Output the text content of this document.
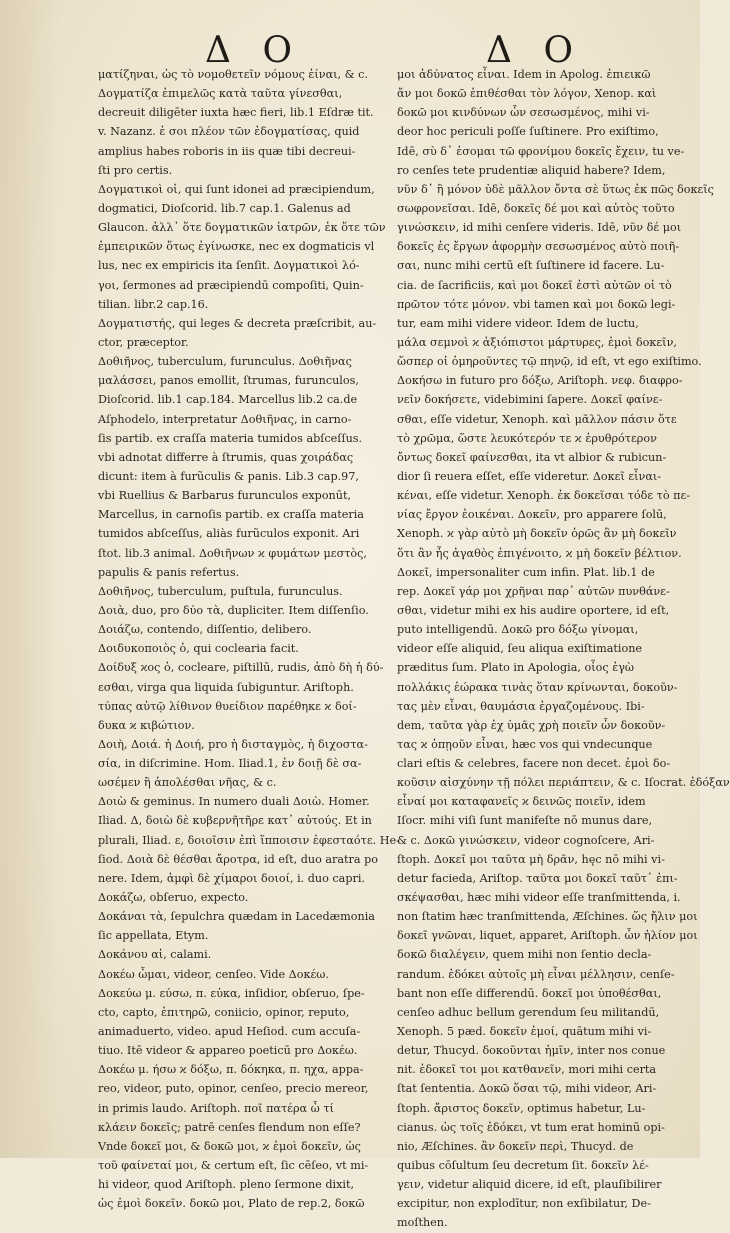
Δ Ο	Δ Ο
ματίζηναι, ὡς τὸ νομοθετεῖν νόμους ἐίναι, & c.
Δογματίζα ἐπιμελῶς κατὰ ταῦτα γίνεσθαι,
decreuit diligēter iuxta hæc fieri, lib.1 Eſdræ tit.
v. Nazanz. ἐ σοι πλέον τῶν ἐδογματίσας, quid
amplius habes roboris in iis quæ tibi decreui-
ſti pro certis.
Δογματικοὶ οἱ, qui ſunt idonei ad præcipiendum,
dogmatici, Dioſcorid. lib.7 cap.1. Galenus ad
Glaucon. ἀλλ᾽ ὅτε δογματικῶν ἰατρῶν, ἐκ ὅτε τῶν
ἐμπειρικῶν ὅτως ἐγίνωσκε, nec ex dogmaticis vl
lus, nec ex empiricis ita ſenſit. Δογματικοὶ λό-
γοι, ſermones ad præcipiendū compoſiti, Quin-
tilian. libr.2 cap.16.
Δογματιστής, qui leges & decreta præſcribit, au-
ctor, præceptor.
Δοθιῆνος, tuberculum, furunculus. Δοθιῆνας
μαλάσσει, panos emollit, ſtrumas, furunculos,
Dioſcorid. lib.1 cap.184. Marcellus lib.2 ca.de
Aſphodelo, interpretatur Δοθιῆνας, in carno-
ſis partib. ex craſſa materia tumidos abſceſſus.
vbi adnotat differre à ſtrumis, quas χοιράδας
dicunt: item à furũculis & panis. Lib.3 cap.97,
vbi Ruellius & Barbarus furunculos exponūt,
Marcellus, in carnoſis partib. ex craſſa materia
tumidos abſceſſus, aliàs furũculos exponit. Ari
ſtot. lib.3 animal. Δοθιῆνων ϰ φυμάτων μεστὸς,
papulis & panis refertus.
Δοθιῆνος, tuberculum, puſtula, furunculus.
Δοιὰ, duo, pro δύο τὰ, dupliciter. Item diſſenſio.
Δοιάζω, contendo, diſſentio, delibero.
Δοιδυκοποιὸς ὁ, qui coclearia facit.
Δοίδυξ ϰος ὁ, cocleare, piſtillū, rudis, ἀπὸ δὴ ἡ δύ-
εσθαι, virga qua liquida ſubiguntur. Ariſtoph.
τύπας αὐτῷ λίθινον θυείδιον παρέθηκε ϰ δοί-
δυκα ϰ κιβώτιον.
Δοιὴ, Δοιά. ἡ Δοιή, pro ἡ δισταγμὸς, ἡ διχοστα-
σία, in diſcrimine. Hom. Iliad.1, ἐν δοιῇ δὲ σα-
ωσέμεν ἢ ἀπολέσθαι νῆας, & c.
Δοιὼ & geminus. In numero duali Δοιὼ. Homer.
Iliad. Δ, δοιὼ δὲ κυβερνῆτῆρε κατ᾽ αὐτούς. Et in
plurali, Iliad. ε, δοιοῖσιν ἐπὶ ἵπποισιν ἐφεσταότε. He-
ſiod. Δοιὰ δὲ θέσθαι ἄροτρα, id eſt, duo aratra po
nere. Idem, ἀμφὶ δὲ χίμαροι δοιοί, i. duo capri.
Δοκάζω, obſeruo, expecto.
Δοκάναι τὰ, ſepulchra quædam in Lacedæmonia
ſic appellata, Etym.
Δοκάνου αἱ, calami.
Δοκέω ὦμαι, videor, cenſeo. Vide Δοκέω.
Δοκεύω μ. εύσω, π. εὐκα, inſidior, obſeruo, ſpe-
cto, capto, ἐπιτηρῶ, coniicio, opinor, reputo,
animaduerto, video. apud Heſiod. cum accuſa-
tiuo. Itē videor & appareo poeticū pro Δοκέω.
Δοκέω μ. ήσω ϰ δόξω, π. δόκηκα, π. ηχα, appa-
reo, videor, puto, opinor, cenſeo, precio mereor,
in primis laudo. Ariſtoph. ποῖ πατέρα ὧ τί
κλάειν δοκεῖς; patrē cenſes flendum non eſſe?
Vnde δοκεῖ μοι, & δοκῶ μοι, ϰ ἐμοὶ δοκεῖν, ὡς
τοῦ φαίνεταί μοι, & certum eſt, ſic cēſeo, vt mi-
hi videor, quod Ariſtoph. pleno ſermone dixit,
ὡς ἐμοὶ δοκεῖν. δοκῶ μοι, Plato de rep.2, δοκῶ
μοι ἀδύνατος εἶναι. Idem in Apolog. ἐπιεικῶ
ἄν μοι δοκῶ ἐπιθέσθαι τὸν λόγον, Xenop. καὶ
δοκῶ μοι κινδύνων ὧν σεσωσμένος, mihi vi-
deor hoc periculi poſſe ſuſtinere. Pro exiſtimo,
Idē, σὺ δ᾽ ἐσομαι τῶ φρονίμου δοκεῖς ἔχειν, tu ve-
ro cenſes tete prudentiæ aliquid habere? Idem,
νῦν δ᾽ ἢ μόνον ὑδὲ μᾶλλον ὄντα σὲ ὕτως ἐκ πῶς δοκεῖς
σωφρονεῖσαι. Idē, δοκεῖς δέ μοι καὶ αὐτὸς τοῦτο
γινώσκειν, id mihi cenſere videris. Idē, νῦν δέ μοι
δοκεῖς ἐς ἔργων ἀφορμὴν σεσωσμένος αὐτὸ ποιῆ-
σαι, nunc mihi certū eſt ſuſtinere id facere. Lu-
cia. de ſacrificiis, καὶ μοι δοκεῖ ἐστὶ αὐτῶν οἱ τὸ
πρῶτον τότε μόνον. vbi tamen καὶ μοι δοκῶ legi-
tur, eam mihi videre videor. Idem de luctu,
μάλα σεμνοὶ ϰ ἀξιόπιστοι μάρτυρες, ἐμοὶ δοκεῖν,
ὥσπερ οἱ ὁμηροῦντες τῷ πηνῷ, id eſt, vt ego exiſtimo.
Δοκήσω in futuro pro δόξω, Ariſtoph. νεφ. διαφρο-
νεῖν δοκήσετε, videbimini ſapere. Δοκεῖ φαίνε-
σθαι, eſſe videtur, Xenoph. καὶ μᾶλλον πάσιν ὅτε
τὸ χρῶμα, ὥστε λευκότερόν τε ϰ ἐρυθρότερον
ὄντως δοκεῖ φαίνεσθαι, ita vt albior & rubicun-
dior ſi reuera eſſet, eſſe videretur. Δοκεῖ εἶναι-
κέναι, eſſe videtur. Xenoph. ἐκ δοκεῖσαι τόδε τὸ πε-
νίας ἔργον ἐοικέναι. Δοκεῖν, pro apparere ſolū,
Xenoph. ϰ γὰρ αὐτὸ μὴ δοκεῖν ὁρῶς ἂν μὴ δοκεῖν
ὅτι ἂν ἦς ἀγαθὸς ἐπιγένοιτο, ϰ μὴ δοκεῖν βέλτιον.
Δοκεῖ, impersonaliter cum infin. Plat. lib.1 de
rep. Δοκεῖ γάρ μοι χρῆναι παρ᾽ αὐτῶν πυνθάνε-
σθαι, videtur mihi ex his audire oportere, id eſt,
puto intelligendū. Δοκῶ pro δόξω γίνομαι,
videor eſſe aliquid, ſeu aliqua exiſtimatione
præditus ſum. Plato in Apologia, οἷος ἐγὼ
πολλάκις ἑώρακα τινὰς ὅταν κρίνωνται, δοκοῦν-
τας μὲν εἶναι, θαυμάσια ἐργαζομένους. Ibi-
dem, ταῦτα γὰρ ἐχ ὑμᾶς χρὴ ποιεῖν ὧν δοκοῦν-
τας ϰ ὁπῃοῦν εἶναι, hæc vos qui vndecunque
clari eſtis & celebres, facere non decet. ἐμοὶ δο-
κοῦσιν αἰσχύνην τῇ πόλει περιάπτειν, & c. Iſocrat. ἐδόξαν
εἶναί μοι καταφανεῖς ϰ δεινῶς ποιεῖν, idem
Iſocr. mihi viſi ſunt manifeſte nō munus dare,
& c. Δοκῶ γινώσκειν, videor cognoſcere, Ari-
ſtoph. Δοκεῖ μοι ταῦτα μὴ δρᾶν, hęc nō mihi vi-
detur facieda, Ariſtop. ταῦτα μοι δοκεῖ ταῦτ᾽ ἐπι-
σκέψασθαι, hæc mihi videor eſſe tranſmittenda, i.
non ſtatim hæc tranſmittenda, Æſchines. ὥς ἤλιν μοι
δοκεῖ γνῶναι, liquet, apparet, Ariſtoph. ὧν ἡλίον μοι
δοκῶ διαλέγειν, quem mihi non ſentio decla-
randum. ἐδόκει αὐτοῖς μὴ εἶναι μέλλησιν, cenſe-
bant non eſſe differendū. δοκεῖ μοι ὑποθέσθαι,
cenſeo adhuc bellum gerendum ſeu militandū,
Xenoph. 5 pæd. δοκεῖν ἐμοί, quātum mihi vi-
detur, Thucyd. δοκοῦνται ἡμῖν, inter nos conue
nit. ἐδοκεῖ τοι μοι κατθανεῖν, mori mihi certa
ſtat ſententia. Δοκῶ ὅσαι τῷ, mihi videor, Ari-
ſtoph. ἄριστος δοκεῖν, optimus habetur, Lu-
cianus. ὡς τοῖς ἐδόκει, vt tum erat hominū opi-
nio, Æſchines. ἂν δοκεῖν περὶ, Thucyd. de
quibus cōſultum ſeu decretum ſit. δοκεῖν λέ-
γειν, videtur aliquid dicere, id eſt, plauſibilirer
excipitur, non explodītur, non exſibilatur, De-
moſthen.
